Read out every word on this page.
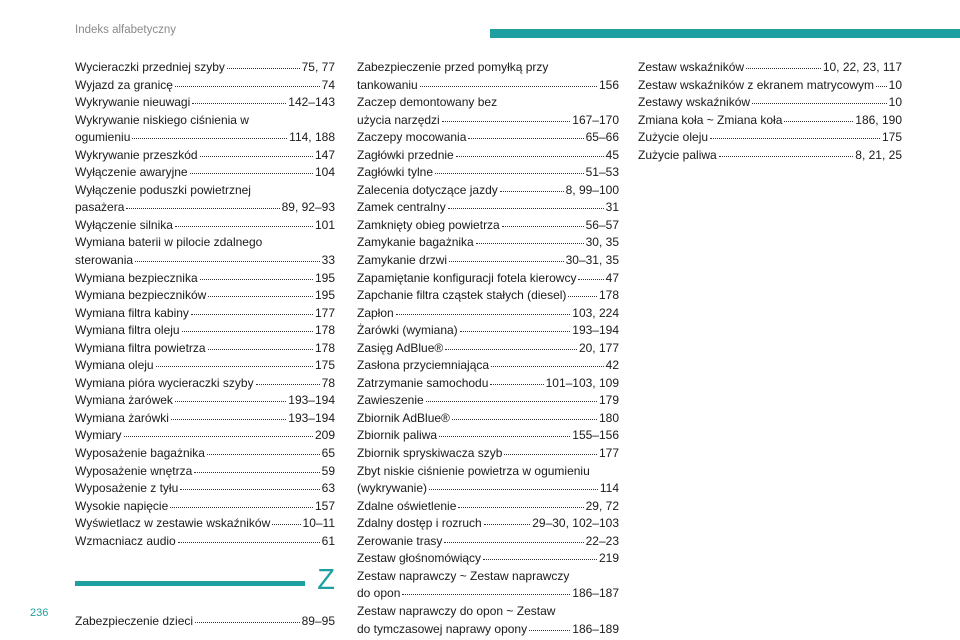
Indeks alfabetyczny
Wycieraczki przedniej szyby	75, 77
Wyjazd za granicę	74
Wykrywanie nieuwagi	142–143
Wykrywanie niskiego ciśnienia w
ogumieniu	114, 188
Wykrywanie przeszkód	147
Wyłączenie awaryjne	104
Wyłączenie poduszki powietrznej
pasażera	89, 92–93
Wyłączenie silnika	101
Wymiana baterii w pilocie zdalnego
sterowania	33
Wymiana bezpiecznika	195
Wymiana bezpieczników	195
Wymiana filtra kabiny	177
Wymiana filtra oleju	178
Wymiana filtra powietrza	178
Wymiana oleju	175
Wymiana pióra wycieraczki szyby	78
Wymiana żarówek	193–194
Wymiana żarówki	193–194
Wymiary	209
Wyposażenie bagażnika	65
Wyposażenie wnętrza	59
Wyposażenie z tyłu	63
Wysokie napięcie	157
Wyświetlacz w zestawie wskaźników	10–11
Wzmacniacz audio	61
Z
Zabezpieczenie dzieci	89–95
Zabezpieczenie przed pomyłką przy
tankowaniu	156
Zaczep demontowany bez
użycia narzędzi	167–170
Zaczepy mocowania	65–66
Zagłówki przednie	45
Zagłówki tylne	51–53
Zalecenia dotyczące jazdy	8, 99–100
Zamek centralny	31
Zamknięty obieg powietrza	56–57
Zamykanie bagażnika	30, 35
Zamykanie drzwi	30–31, 35
Zapamiętanie konfiguracji fotela kierowcy 47
Zapchanie filtra cząstek stałych (diesel)	178
Zapłon	103, 224
Żarówki (wymiana)	193–194
Zasięg AdBlue®	20, 177
Zasłona przyciemniająca	42
Zatrzymanie samochodu	101–103, 109
Zawieszenie	179
Zbiornik AdBlue®	180
Zbiornik paliwa	155–156
Zbiornik spryskiwacza szyb	177
Zbyt niskie ciśnienie powietrza w ogumieniu
(wykrywanie)	114
Zdalne oświetlenie	29, 72
Zdalny dostęp i rozruch	29–30, 102–103
Zerowanie trasy	22–23
Zestaw głośnomówiący	219
Zestaw naprawczy ~ Zestaw naprawczy
do opon	186–187
Zestaw naprawczy do opon ~ Zestaw
do tymczasowej naprawy opony	186–189
Zestaw wskaźników	10, 22, 23, 117
Zestaw wskaźników z ekranem matrycowym 10
Zestawy wskaźników	10
Zmiana koła ~ Zmiana koła	186, 190
Zużycie oleju	175
Zużycie paliwa	8, 21, 25
236
